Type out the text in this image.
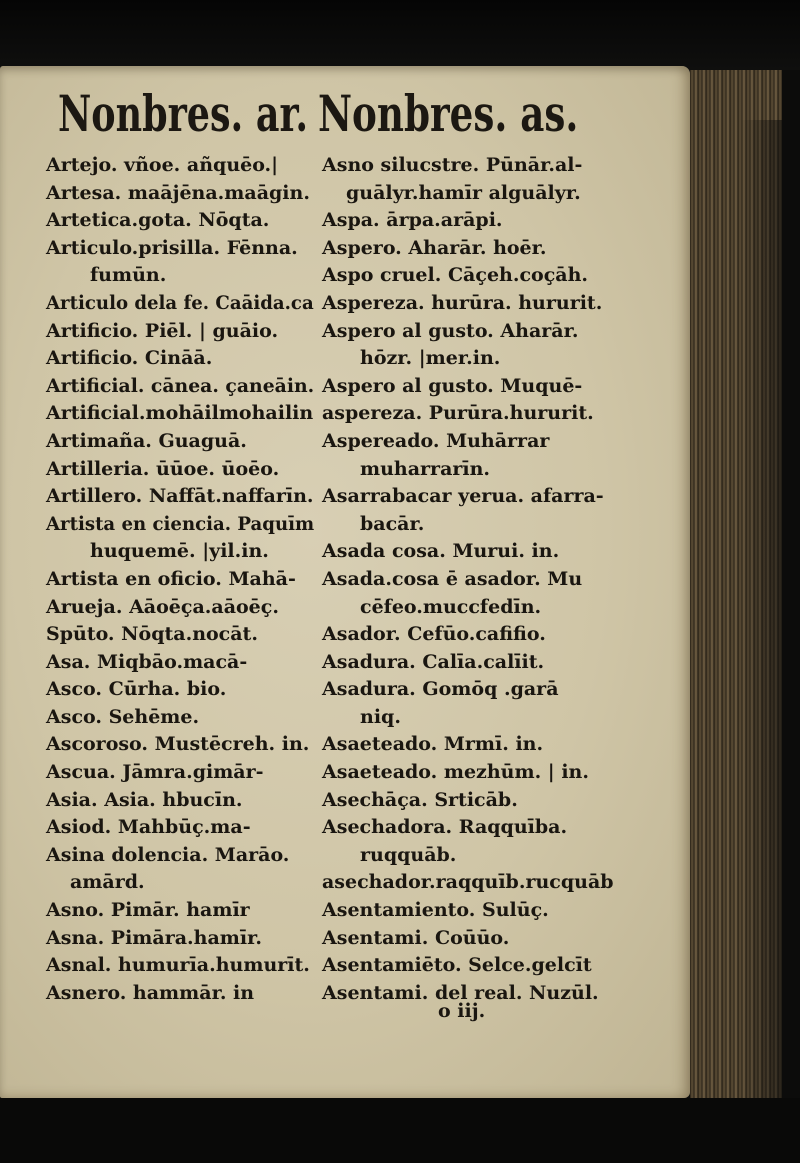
Nonbres. ar. Nonbres. as.
Artejo. vñoe. añquēo.|
Artesa. maājēna.maāgin.
Artetica.gota. Nōqta.
Articulo.prisilla. Fēnna.
fumūn.
Articulo dela fe. Caāida.ca
Artificio. Piēl. | guāio.
Artificio. Cināā.
Artificial. cānea. çaneāin.
Artificial.mohāilmohailin
Artimaña. Guaguā.
Artilleria. ūūoe. ūoēo.
Artillero. Naffāt.naffarīn.
Artista en ciencia. Paquīm
huquemē. |yil.in.
Artista en oficio. Mahā-
Arueja. Aāoēça.aāoēç.
Spūto. Nōqta.nocāt.
Asa. Miqbāo.macā-
Asco. Cūrha. bio.
Asco. Sehēme.
Ascoroso. Mustēcreh. in.
Ascua. Jāmra.gimār-
Asia. Asia. hbucīn.
Asiod. Mahbūç.ma-
Asina dolencia. Marāo.
amārd.
Asno. Pimār. hamīr
Asna. Pimāra.hamīr.
Asnal. humurīa.humurīt.
Asnero. hammār. in
Asno silucstre. Pūnār.al-
guālyr.hamīr alguālyr.
Aspa. ārpa.arāpi.
Aspero. Aharār. hoēr.
Aspo cruel. Cāçeh.coçāh.
Aspereza. hurūra. hururit.
Aspero al gusto. Aharār.
hōzr. |mer.in.
Aspero al gusto. Muquē-
aspereza. Purūra.hururit.
Aspereado. Muhārrar
muharrarīn.
Asarrabacar yerua. afarra-
bacār.
Asada cosa. Murui. in.
Asada.cosa ē asador. Mu
cēfeo.muccfedīn.
Asador. Cefūo.cafifio.
Asadura. Calīa.calīit.
Asadura. Gomōq .garā
niq.
Asaeteado. Mrmī. in.
Asaeteado. mezhūm. | in.
Asechāça. Srticāb.
Asechadora. Raqquība.
ruqquāb.
asechador.raqquīb.rucquāb
Asentamiento. Sulūç.
Asentami. Coūūo.
Asentamiēto. Selce.gelcīt
Asentami. del real. Nuzūl.
o iij.
